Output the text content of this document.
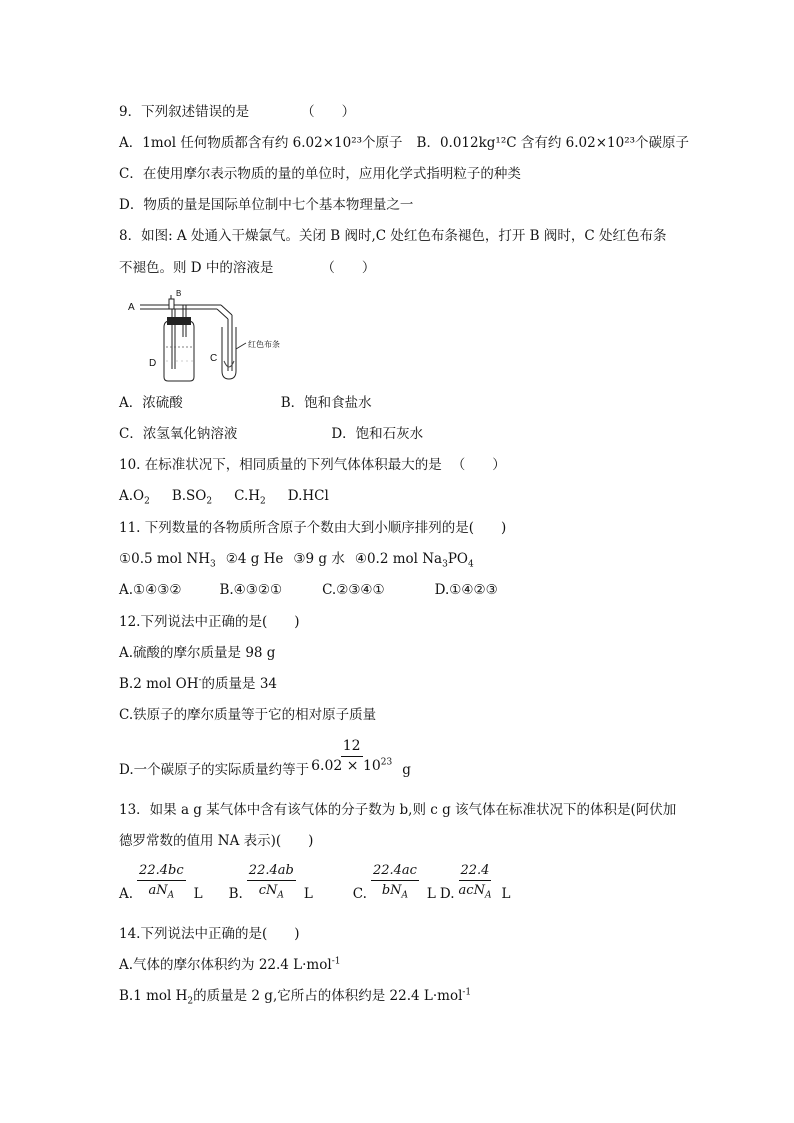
9．下列叙述错误的是	（　　）
A．1mol 任何物质都含有约 6.02×10²³个原子 B．0.012kg¹²C 含有约 6.02×10²³个碳原子
C．在使用摩尔表示物质的量的单位时，应用化学式指明粒子的种类
D．物质的量是国际单位制中七个基本物理量之一
8．如图: A 处通入干燥氯气。关闭 B 阀时,C 处红色布条褪色，打开 B 阀时，C 处红色布条
不褪色。则 D 中的溶液是	（　　）
A
B
D	C
红色布条
A．浓硫酸	B．饱和食盐水
C．浓氢氧化钠溶液	D．饱和石灰水
10. 在标准状况下，相同质量的下列气体体积最大的是 （　　）
$A.O_2$ $B.SO_2$ $C.H_2$ D.HCl
11. 下列数量的各物质所含原子个数由大到小顺序排列的是(　　)
①0.5 mol $NH_3$ ②4 g He ③9 g 水 ④0.2 mol $Na_3PO_4$
A.①④③②	B.④③②①	C.②③④①	D.①④②③
12.下列说法中正确的是(　　)
A.硫酸的摩尔质量是 98 g
B.2 mol OH-的质量是 34
C.铁原子的摩尔质量等于它的相对原子质量
D.一个碳原子的实际质量约等于 $\frac{12}{6.02 \times 10^{23}}$ g
13．如果 a g 某气体中含有该气体的分子数为 b,则 c g 该气体在标准状况下的体积是(阿伏加
德罗常数的值用 NA 表示)(　　)
A. $\frac{22.4bc}{aN_A}$ L B. $\frac{22.4ab}{cN_A}$ L	C. $\frac{22.4ac}{bN_A}$ L D. $\frac{22.4}{acN_A}$ L
14.下列说法中正确的是(　　)
A.气体的摩尔体积约为 22.4 L·mol$^{-1}$
B.1 mol $H_2$的质量是 2 g,它所占的体积约是 22.4 L·mol$^{-1}$
